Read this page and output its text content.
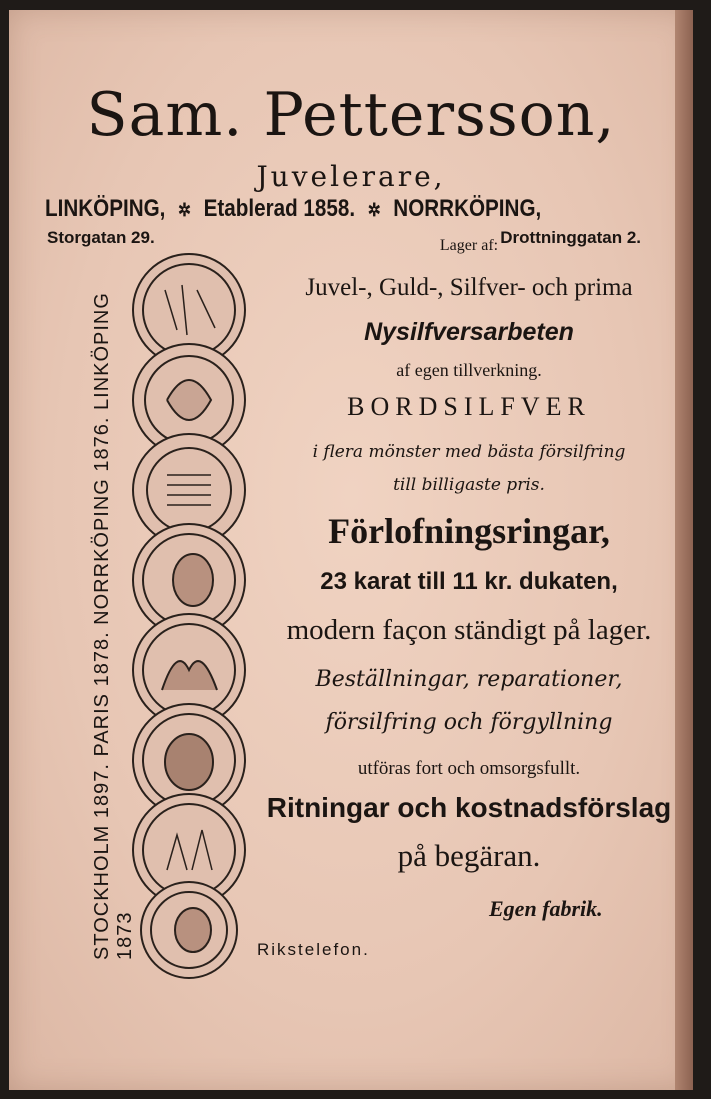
Sam. Pettersson,
Juvelerare,
LINKÖPING, ✲ Etablerad 1858. ✲ NORRKÖPING,
Storgatan 29.	Drottninggatan 2.
STOCKHOLM 1897. PARIS 1878. NORRKÖPING 1876. LINKÖPING 1873
Lager af:
Juvel-, Guld-, Silfver- och prima
Nysilfversarbeten
af egen tillverkning.
BORDSILFVER
i flera mönster med bästa försilfring
till billigaste pris.
Förlofningsringar,
23 karat till 11 kr. dukaten,
modern façon ständigt på lager.
Beställningar, reparationer,
försilfring och förgyllning
utföras fort och omsorgsfullt.
Ritningar och kostnadsförslag
på begäran.
Egen fabrik.
Rikstelefon.
